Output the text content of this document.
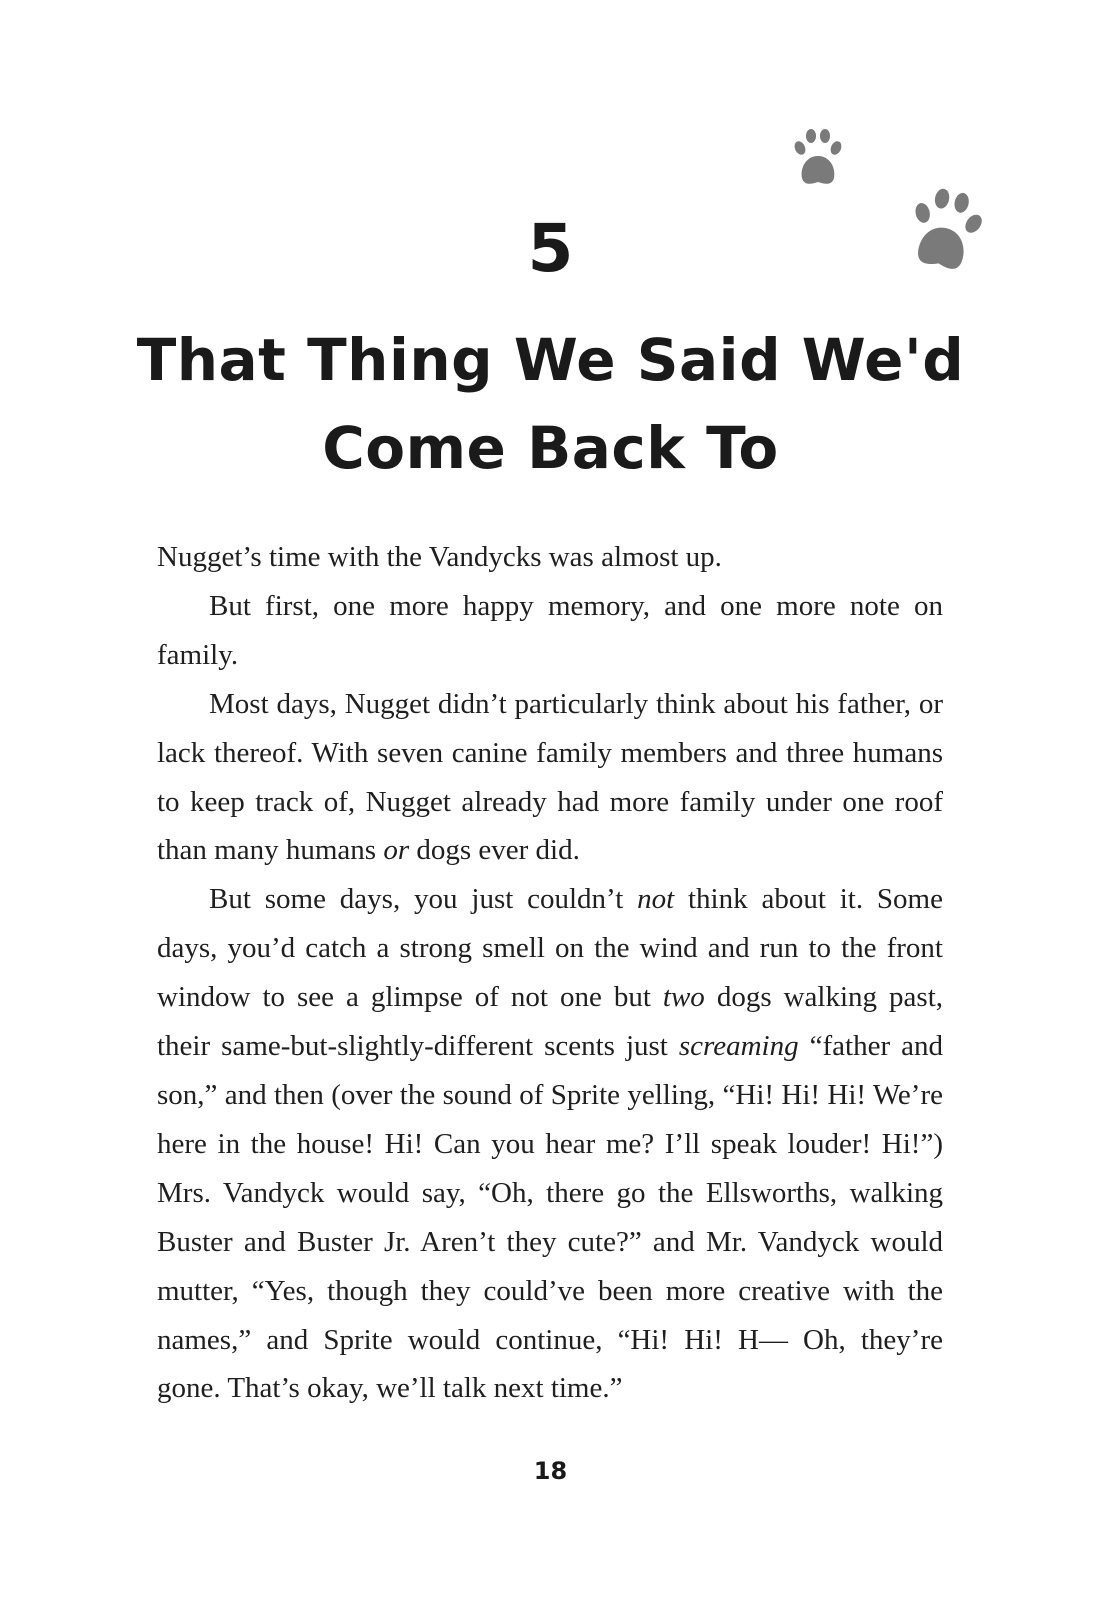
5
That Thing We Said We'd Come Back To

Nugget’s time with the Vandycks was almost up.

But first, one more happy memory, and one more note on family.

Most days, Nugget didn’t particularly think about his father, or lack thereof. With seven canine family members and three humans to keep track of, Nugget already had more family under one roof than many humans or dogs ever did.

But some days, you just couldn’t not think about it. Some days, you’d catch a strong smell on the wind and run to the front window to see a glimpse of not one but two dogs walking past, their same-but-slightly-different scents just screaming “father and son,” and then (over the sound of Sprite yelling, “Hi! Hi! Hi! We’re here in the house! Hi! Can you hear me? I’ll speak louder! Hi!”) Mrs. Vandyck would say, “Oh, there go the Ellsworths, walking Buster and Buster Jr. Aren’t they cute?” and Mr. Vandyck would mutter, “Yes, though they could’ve been more creative with the names,” and Sprite would continue, “Hi! Hi! H— Oh, they’re gone. That’s okay, we’ll talk next time.”

18
